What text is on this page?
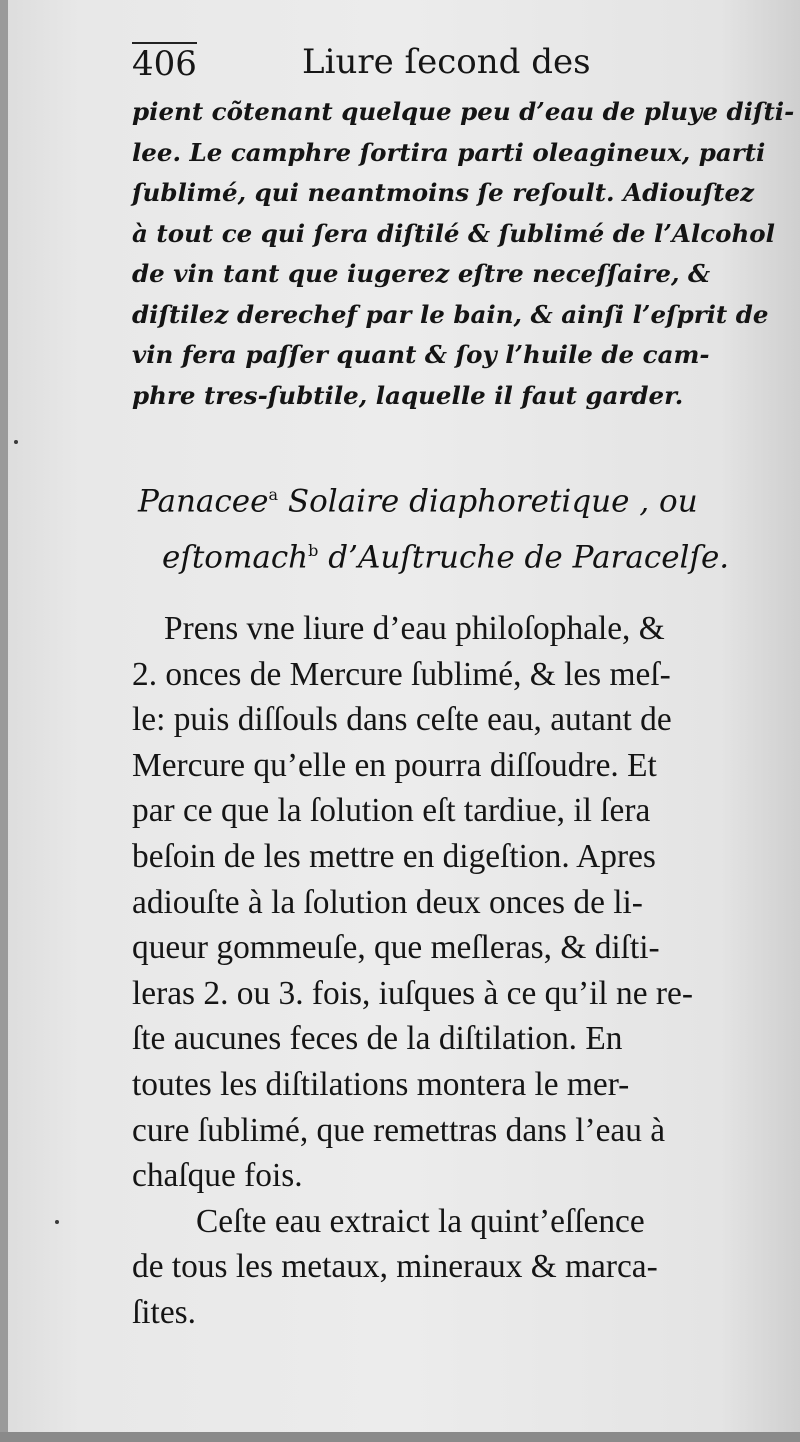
406	Liure ſecond des
pient cõtenant quelque peu d’eau de pluye diſti-
lee. Le camphre ſortira parti oleagineux, parti
ſublimé, qui neantmoins ſe reſoult. Adiouſtez
à tout ce qui ſera diſtilé & ſublimé de l’Alcohol
de vin tant que iugerez eſtre neceſſaire, &
diſtilez derechef par le bain, & ainſi l’eſprit de
vin fera paſſer quant & ſoy l’huile de cam-
phre tres-ſubtile, laquelle il faut garder.
Panacee$^a$ Solaire diaphoretique , ou
eſtomach$^b$ d’Auſtruche de Paracelſe.
Prens vne liure d’eau philoſophale, &
2. onces de Mercure ſublimé, & les meſ-
le: puis diſſouls dans ceſte eau, autant de
Mercure qu’elle en pourra diſſoudre. Et
par ce que la ſolution eſt tardiue, il ſera
beſoin de les mettre en digeſtion. Apres
adiouſte à la ſolution deux onces de li-
queur gommeuſe, que meſleras, & diſti-
leras 2. ou 3. fois, iuſques à ce qu’il ne re-
ſte aucunes feces de la diſtilation. En
toutes les diſtilations montera le mer-
cure ſublimé, que remettras dans l’eau à
chaſque fois.
Ceſte eau extraict la quint’eſſence
de tous les metaux, mineraux & marca-
ſites.
